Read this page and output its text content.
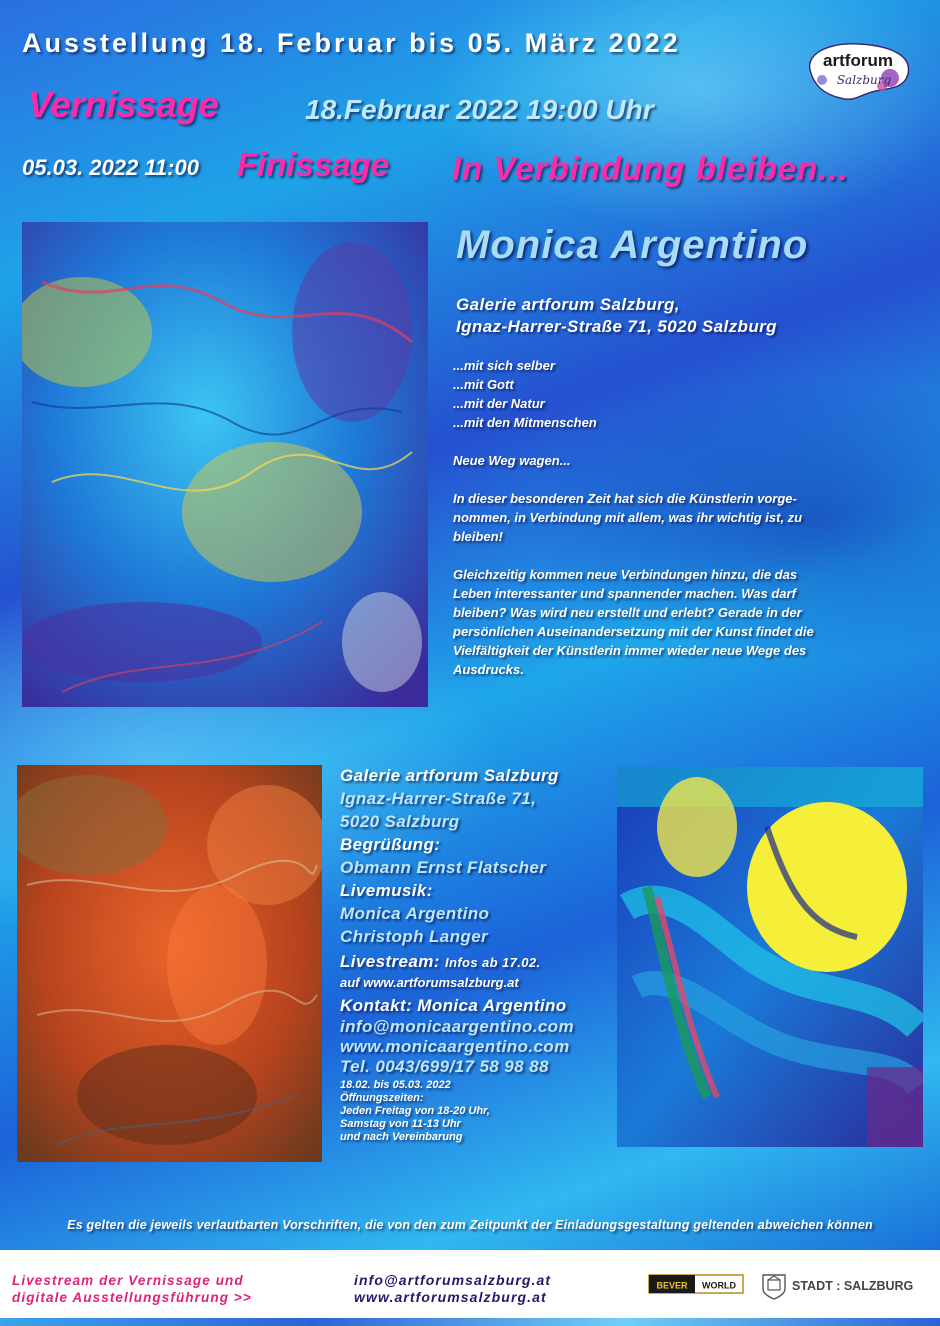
Ausstellung 18. Februar bis 05. März 2022
artforum
Salzburg
Vernissage	18.Februar 2022 19:00 Uhr
05.03. 2022 11:00 Finissage In Verbindung bleiben...
Monica Argentino
Galerie artforum Salzburg,
Ignaz-Harrer-Straße 71, 5020 Salzburg

...mit sich selber

...mit Gott

...mit der Natur

...mit den Mitmenschen

Neue Weg wagen...

In dieser besonderen Zeit hat sich die Künstlerin vorge-

nommen, in Verbindung mit allem, was ihr wichtig ist, zu

bleiben!

Gleichzeitig kommen neue Verbindungen hinzu, die das

Leben interessanter und spannender machen. Was darf

bleiben? Was wird neu erstellt und erlebt? Gerade in der

persönlichen Auseinandersetzung mit der Kunst findet die

Vielfältigkeit der Künstlerin immer wieder neue Wege des

Ausdrucks.

Galerie artforum Salzburg
Ignaz-Harrer-Straße 71,
5020 Salzburg
Begrüßung:
Obmann Ernst Flatscher
Livemusik:
Monica Argentino
Christoph Langer
Livestream: Infos ab 17.02.
auf www.artforumsalzburg.at
Kontakt: Monica Argentino
info@monicaargentino.com
www.monicaargentino.com
Tel. 0043/699/17 58 98 88
18.02. bis 05.03. 2022
Öffnungszeiten:
Jeden Freitag von 18-20 Uhr,
Samstag von 11-13 Uhr
und nach Vereinbarung
Es gelten die jeweils verlautbarten Vorschriften, die von den zum Zeitpunkt der Einladungsgestaltung geltenden abweichen können
Livestream der Vernissage und
digitale Ausstellungsführung >>
info@artforumsalzburg.at
www.artforumsalzburg.at
BEVER WORLD	STADT : SALZBURG
